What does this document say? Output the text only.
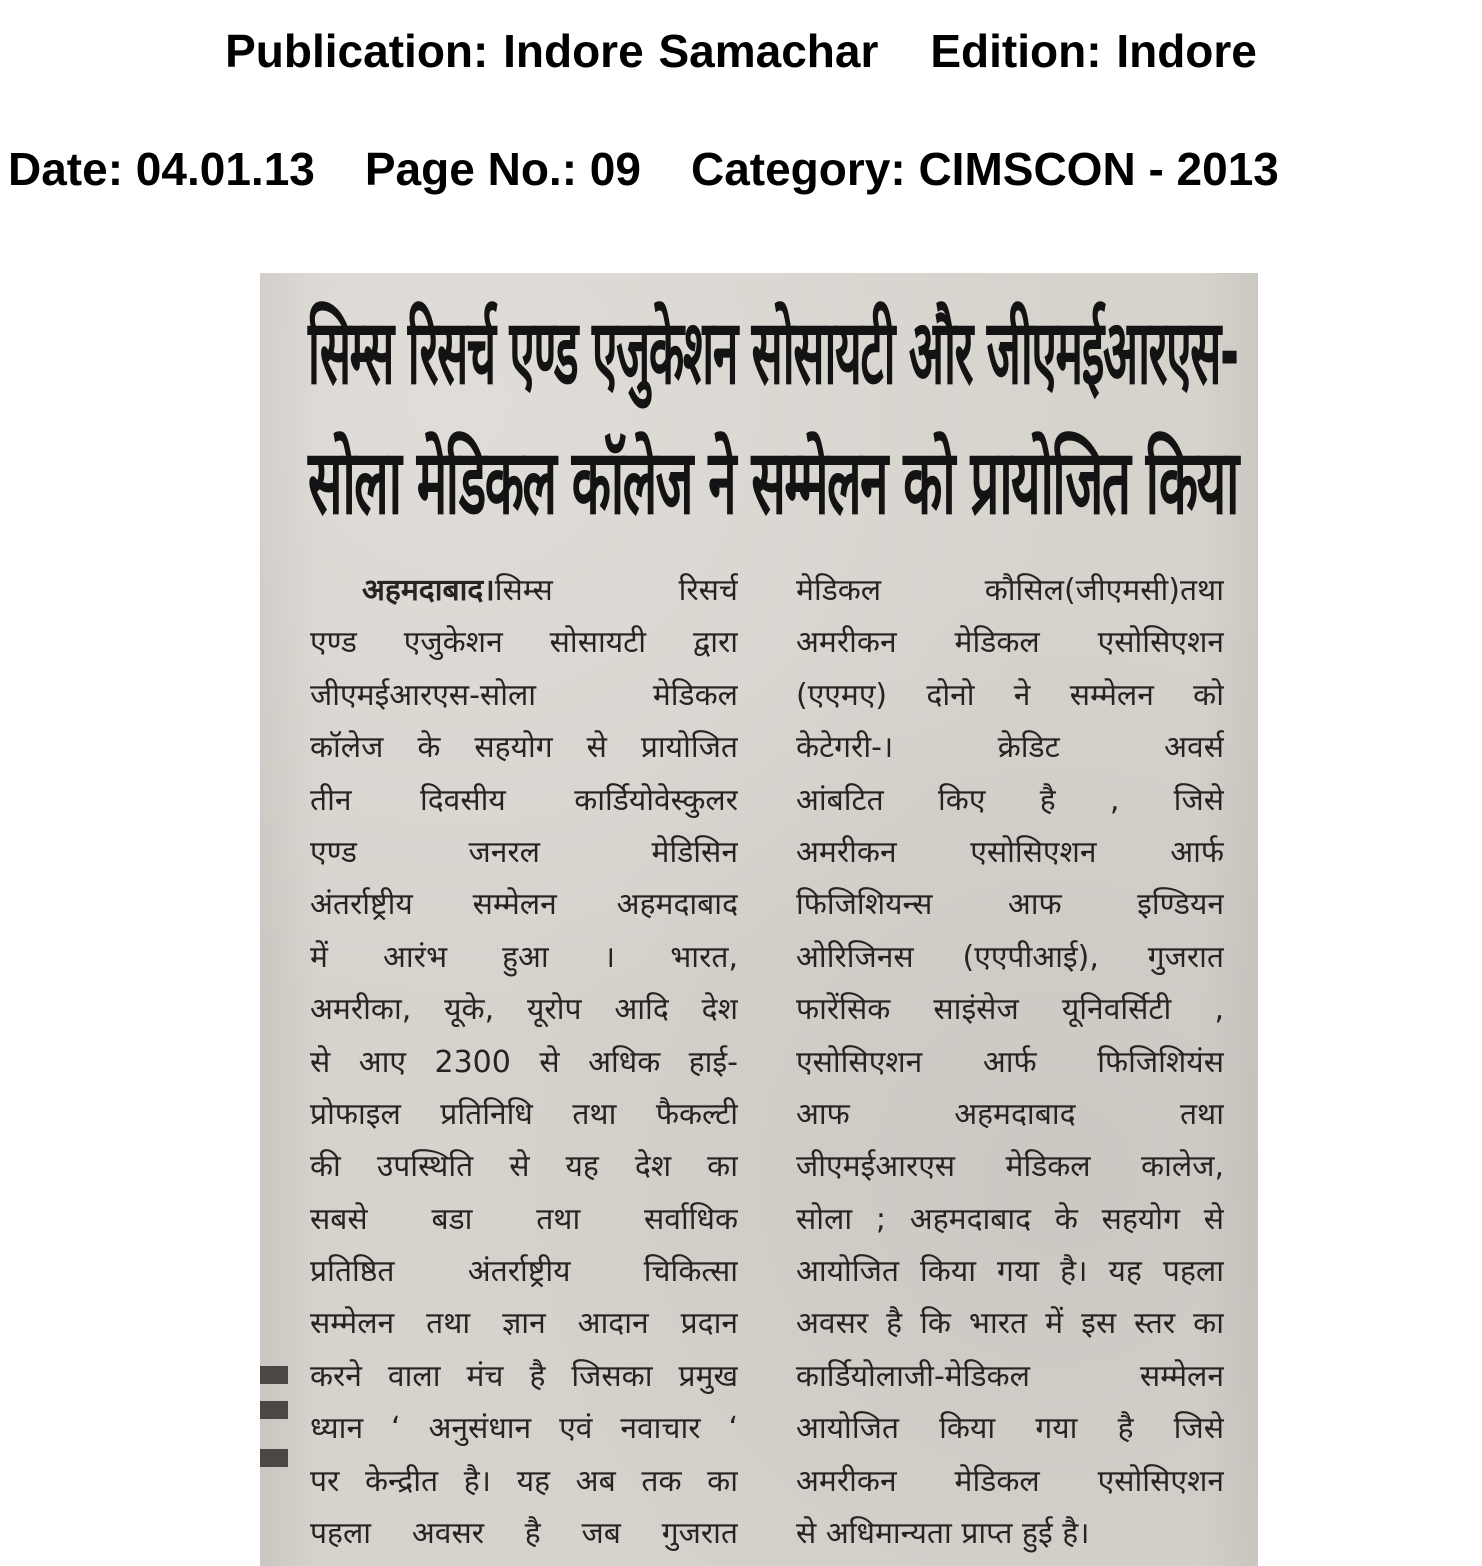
Publication: Indore Samachar Edition: Indore
Date: 04.01.13 Page No.: 09 Category: CIMSCON - 2013
सिम्स रिसर्च एण्ड एजुकेशन सोसायटी और जीएमईआरएस-
सोला मेडिकल कॉलेज ने सम्मेलन को प्रायोजित किया
अहमदाबाद।सिम्स रिसर्च
एण्ड एजुकेशन सोसायटी द्वारा
जीएमईआरएस-सोला मेडिकल
कॉलेज के सहयोग से प्रायोजित
तीन दिवसीय कार्डियोवेस्कुलर
एण्ड जनरल मेडिसिन
अंतर्राष्ट्रीय सम्मेलन अहमदाबाद
में आरंभ हुआ । भारत,
अमरीका, यूके, यूरोप आदि देश
से आए 2300 से अधिक हाई-
प्रोफाइल प्रतिनिधि तथा फैकल्टी
की उपस्थिति से यह देश का
सबसे बडा तथा सर्वाधिक
प्रतिष्ठित अंतर्राष्ट्रीय चिकित्सा
सम्मेलन तथा ज्ञान आदान प्रदान
करने वाला मंच है जिसका प्रमुख
ध्यान ‘ अनुसंधान एवं नवाचार ‘
पर केन्द्रीत है। यह अब तक का
पहला अवसर है जब गुजरात
मेडिकल कौसिल(जीएमसी)तथा
अमरीकन मेडिकल एसोसिएशन
(एएमए) दोनो ने सम्मेलन को
केटेगरी-। क्रेडिट अवर्स
आंबटित किए है , जिसे
अमरीकन एसोसिएशन आर्फ
फिजिशियन्स आफ इण्डियन
ओरिजिनस (एएपीआई), गुजरात
फारेंसिक साइंसेज यूनिवर्सिटी ,
एसोसिएशन आर्फ फिजिशियंस
आफ अहमदाबाद तथा
जीएमईआरएस मेडिकल कालेज,
सोला ; अहमदाबाद के सहयोग से
आयोजित किया गया है। यह पहला
अवसर है कि भारत में इस स्तर का
कार्डियोलाजी-मेडिकल सम्मेलन
आयोजित किया गया है जिसे
अमरीकन मेडिकल एसोसिएशन
से अधिमान्यता प्राप्त हुई है।
